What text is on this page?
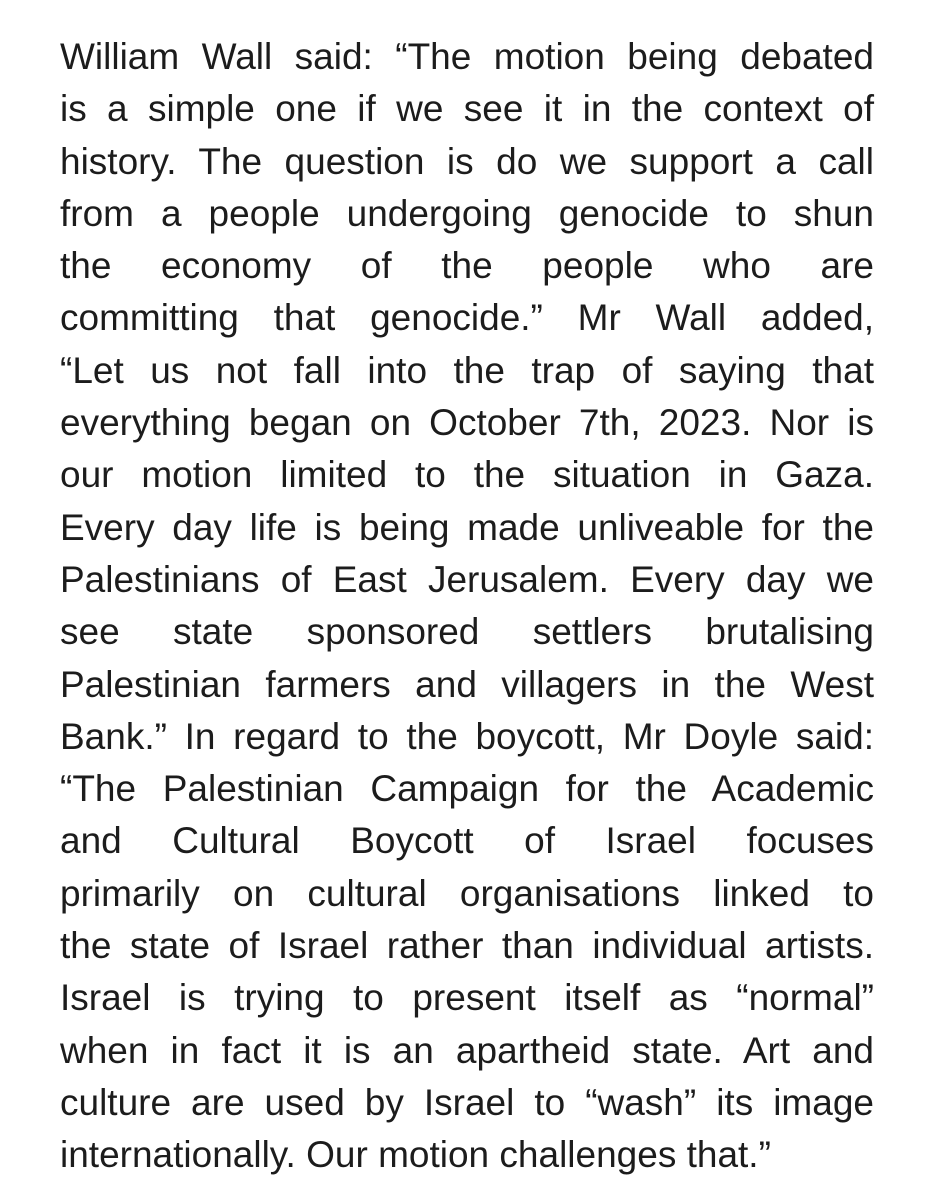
William Wall said: “The motion being debated
is a simple one if we see it in the context of
history. The question is do we support a call
from a people undergoing genocide to shun
the economy of the people who are
committing that genocide.” Mr Wall added,
“Let us not fall into the trap of saying that
everything began on October 7th, 2023. Nor is
our motion limited to the situation in Gaza.
Every day life is being made unliveable for the
Palestinians of East Jerusalem. Every day we
see state sponsored settlers brutalising
Palestinian farmers and villagers in the West
Bank.” In regard to the boycott, Mr Doyle said:
“The Palestinian Campaign for the Academic
and Cultural Boycott of Israel focuses
primarily on cultural organisations linked to
the state of Israel rather than individual artists.
Israel is trying to present itself as “normal”
when in fact it is an apartheid state. Art and
culture are used by Israel to “wash” its image
internationally. Our motion challenges that.”
